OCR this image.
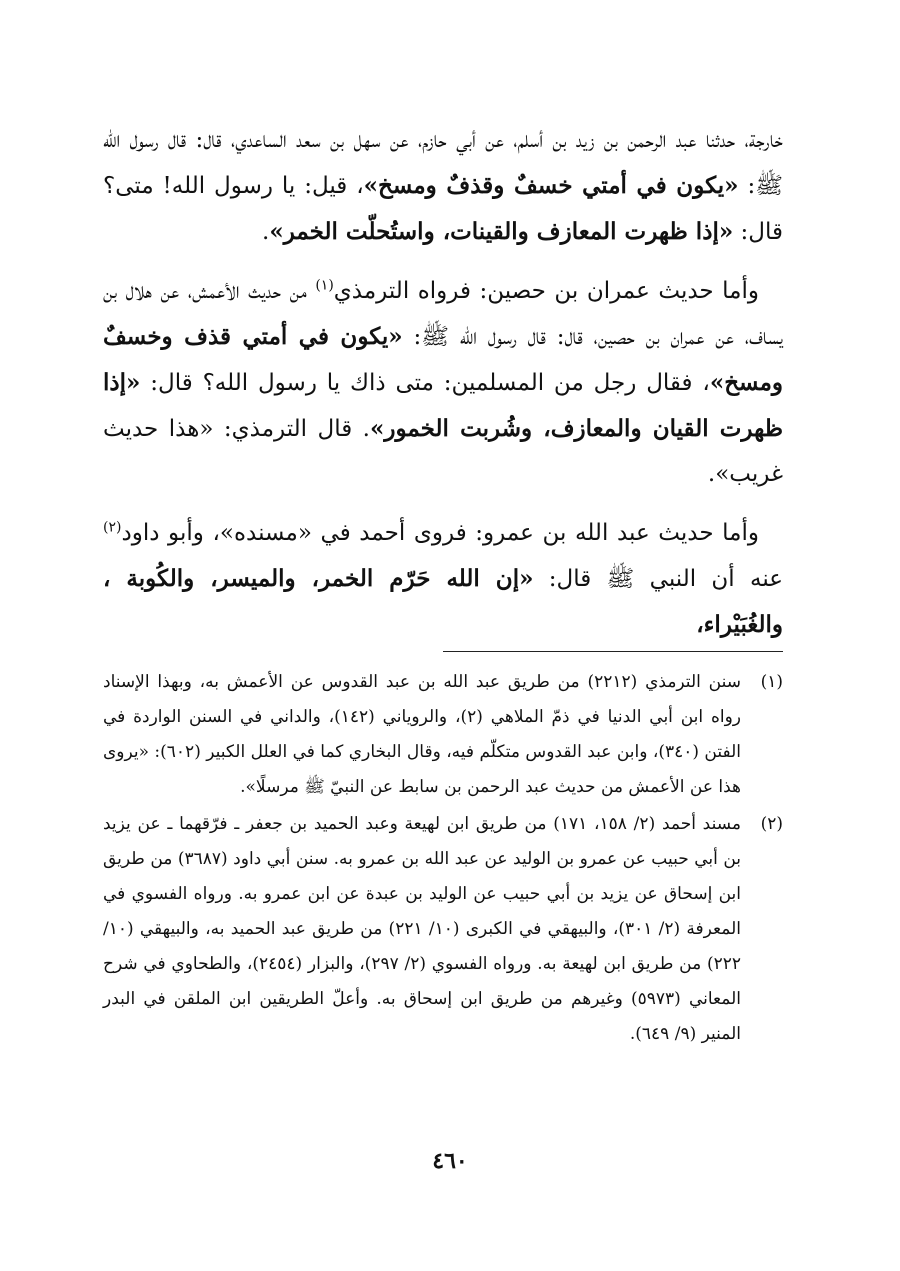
خارجة، حدثنا عبد الرحمن بن زيد بن أسلم، عن أبي حازم، عن سهل بن سعد الساعدي، قال: قال رسول الله ﷺ: «يكون في أمتي خسفٌ وقذفٌ ومسخ»، قيل: يا رسول الله! متى؟ قال: «إذا ظهرت المعازف والقينات، واستُحلّت الخمر».

وأما حديث عمران بن حصين: فرواه الترمذي$^{(١)}$ من حديث الأعمش، عن هلال بن يساف، عن عمران بن حصين، قال: قال رسول الله ﷺ: «يكون في أمتي قذف وخسفٌ ومسخ»، فقال رجل من المسلمين: متى ذاك يا رسول الله؟ قال: «إذا ظهرت القيان والمعازف، وشُربت الخمور». قال الترمذي: «هذا حديث غريب».

وأما حديث عبد الله بن عمرو: فروى أحمد في «مسنده»، وأبو داود$^{(٢)}$ عنه أن النبي ﷺ قال: «إن الله حَرّم الخمر، والميسر، والكُوبة ، والغُبَيْراء،

(١)
سنن الترمذي (٢٢١٢) من طريق عبد الله بن عبد القدوس عن الأعمش به، وبهذا الإسناد رواه ابن أبي الدنيا في ذمّ الملاهي (٢)، والروياني (١٤٢)، والداني في السنن الواردة في الفتن (٣٤٠)، وابن عبد القدوس متكلّم فيه، وقال البخاري كما في العلل الكبير (٦٠٢): «يروى هذا عن الأعمش من حديث عبد الرحمن بن سابط عن النبيّ ﷺ مرسلًا».
(٢)
مسند أحمد (٢/ ١٥٨، ١٧١) من طريق ابن لهيعة وعبد الحميد بن جعفر ـ فرّقهما ـ عن يزيد بن أبي حبيب عن عمرو بن الوليد عن عبد الله بن عمرو به. سنن أبي داود (٣٦٨٧) من طريق ابن إسحاق عن يزيد بن أبي حبيب عن الوليد بن عبدة عن ابن عمرو به. ورواه الفسوي في المعرفة (٢/ ٣٠١)، والبيهقي في الكبرى (١٠/ ٢٢١) من طريق عبد الحميد به، والبيهقي (١٠/ ٢٢٢) من طريق ابن لهيعة به. ورواه الفسوي (٢/ ٢٩٧)، والبزار (٢٤٥٤)، والطحاوي في شرح المعاني (٥٩٧٣) وغيرهم من طريق ابن إسحاق به. وأعلّ الطريقين ابن الملقن في البدر المنير (٩/ ٦٤٩).
٤٦٠
